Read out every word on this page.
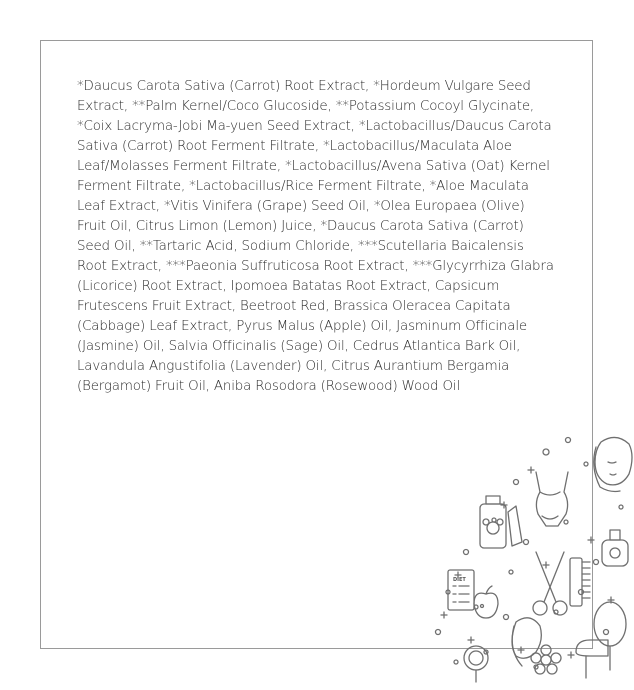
*Daucus Carota Sativa (Carrot) Root Extract, *Hordeum Vulgare Seed Extract, **Palm Kernel/Coco Glucoside, **Potassium Cocoyl Glycinate, *Coix Lacryma-Jobi Ma-yuen Seed Extract, *Lactobacillus/Daucus Carota Sativa (Carrot) Root Ferment Filtrate, *Lactobacillus/Maculata Aloe Leaf/Molasses Ferment Filtrate, *Lactobacillus/Avena Sativa (Oat) Kernel Ferment Filtrate, *Lactobacillus/Rice Ferment Filtrate, *Aloe Maculata Leaf Extract, *Vitis Vinifera (Grape) Seed Oil, *Olea Europaea (Olive) Fruit Oil, Citrus Limon (Lemon) Juice, *Daucus Carota Sativa (Carrot) Seed Oil, **Tartaric Acid, Sodium Chloride, ***Scutellaria Baicalensis Root Extract, ***Paeonia Suffruticosa Root Extract, ***Glycyrrhiza Glabra (Licorice) Root Extract, Ipomoea Batatas Root Extract, Capsicum Frutescens Fruit Extract, Beetroot Red, Brassica Oleracea Capitata (Cabbage) Leaf Extract, Pyrus Malus (Apple) Oil, Jasminum Officinale (Jasmine) Oil, Salvia Officinalis (Sage) Oil, Cedrus Atlantica Bark Oil, Lavandula Angustifolia (Lavender) Oil, Citrus Aurantium Bergamia (Bergamot) Fruit Oil, Aniba Rosodora (Rosewood) Wood Oil
DIET
